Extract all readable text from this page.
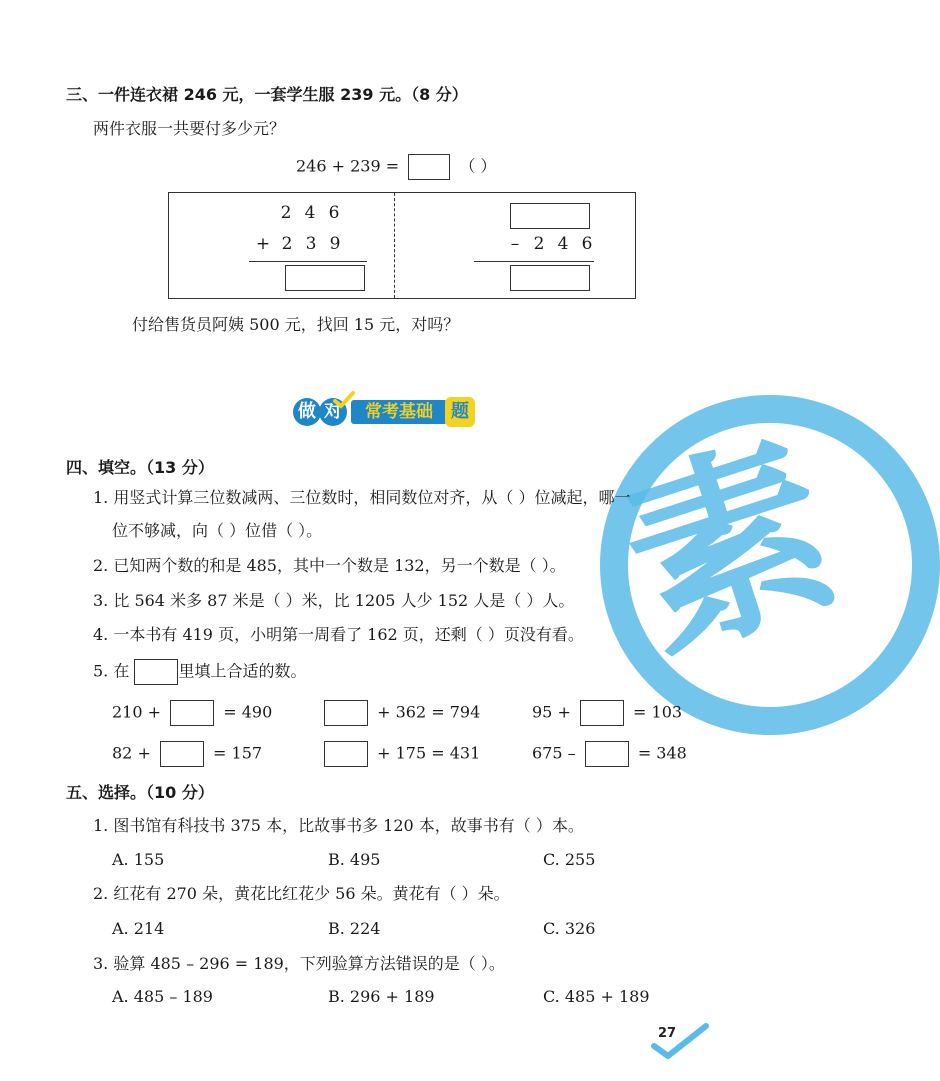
素
三、一件连衣裙 246 元，一套学生服 239 元。（8 分）
两件衣服一共要付多少元？
246 + 239 =	（ ）
2 4 6
+ 2 3 9	– 2 4 6
付给售货员阿姨 500 元，找回 15 元，对吗？
做 对	常考基础	题
四、填空。（13 分）
1. 用竖式计算三位数减两、三位数时，相同数位对齐，从（ ）位减起，哪一
位不够减，向（ ）位借（ ）。
2. 已知两个数的和是 485，其中一个数是 132，另一个数是（ ）。
3. 比 564 米多 87 米是（ ）米，比 1205 人少 152 人是（ ）人。
4. 一本书有 419 页，小明第一周看了 162 页，还剩（ ）页没有看。
5. 在	里填上合适的数。
210 +	= 490	+ 362 = 794	95 +	= 103
82 +	= 157	+ 175 = 431	675 –	= 348
五、选择。（10 分）
1. 图书馆有科技书 375 本，比故事书多 120 本，故事书有（ ）本。
A. 155	B. 495	C. 255
2. 红花有 270 朵，黄花比红花少 56 朵。黄花有（ ）朵。
A. 214	B. 224	C. 326
3. 验算 485 – 296 = 189，下列验算方法错误的是（ ）。
A. 485 – 189	B. 296 + 189	C. 485 + 189
27
